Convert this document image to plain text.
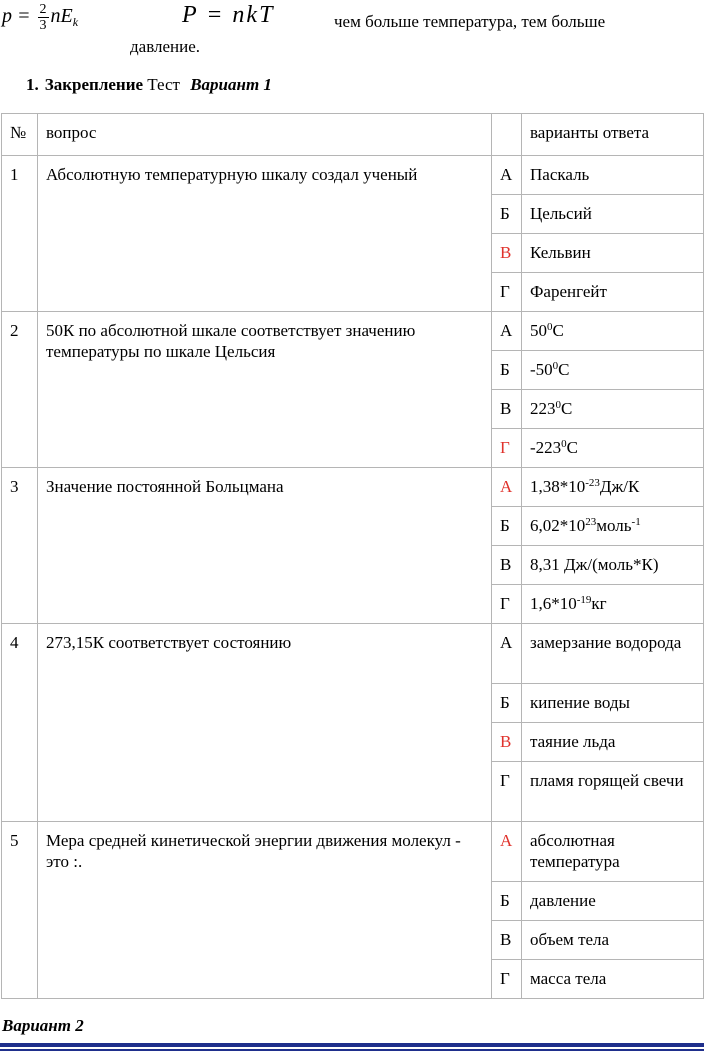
$p = \frac{2}{3} nE_k$	P = nkT	чем больше температура, тем больше
давление.
1. Закрепление Тест Вариант 1
№	вопрос		варианты ответа
1	Абсолютную температурную шкалу создал ученый	А	Паскаль
		Б	Цельсий
		В	Кельвин
		Г	Фаренгейт
2	50К по абсолютной шкале соответствует значению температуры по шкале Цельсия	А	$50^0С$
		Б	$-50^0С$
		В	$223^0С$
		Г	$-223^0С$
3	Значение постоянной Больцмана	А	$1,38*10^{-23}Дж/К$
		Б	$6,02*10^{23}моль^{-1}$
		В	8,31 Дж/(моль*К)
		Г	$1,6*10^{-19}кг$
4	273,15К соответствует состоянию	А	замерзание водорода
		Б	кипение воды
		В	таяние льда
		Г	пламя горящей свечи
5	Мера средней кинетической энергии движения молекул - это :.	А	абсолютная температура
		Б	давление
		В	объем тела
		Г	масса тела
Вариант 2
